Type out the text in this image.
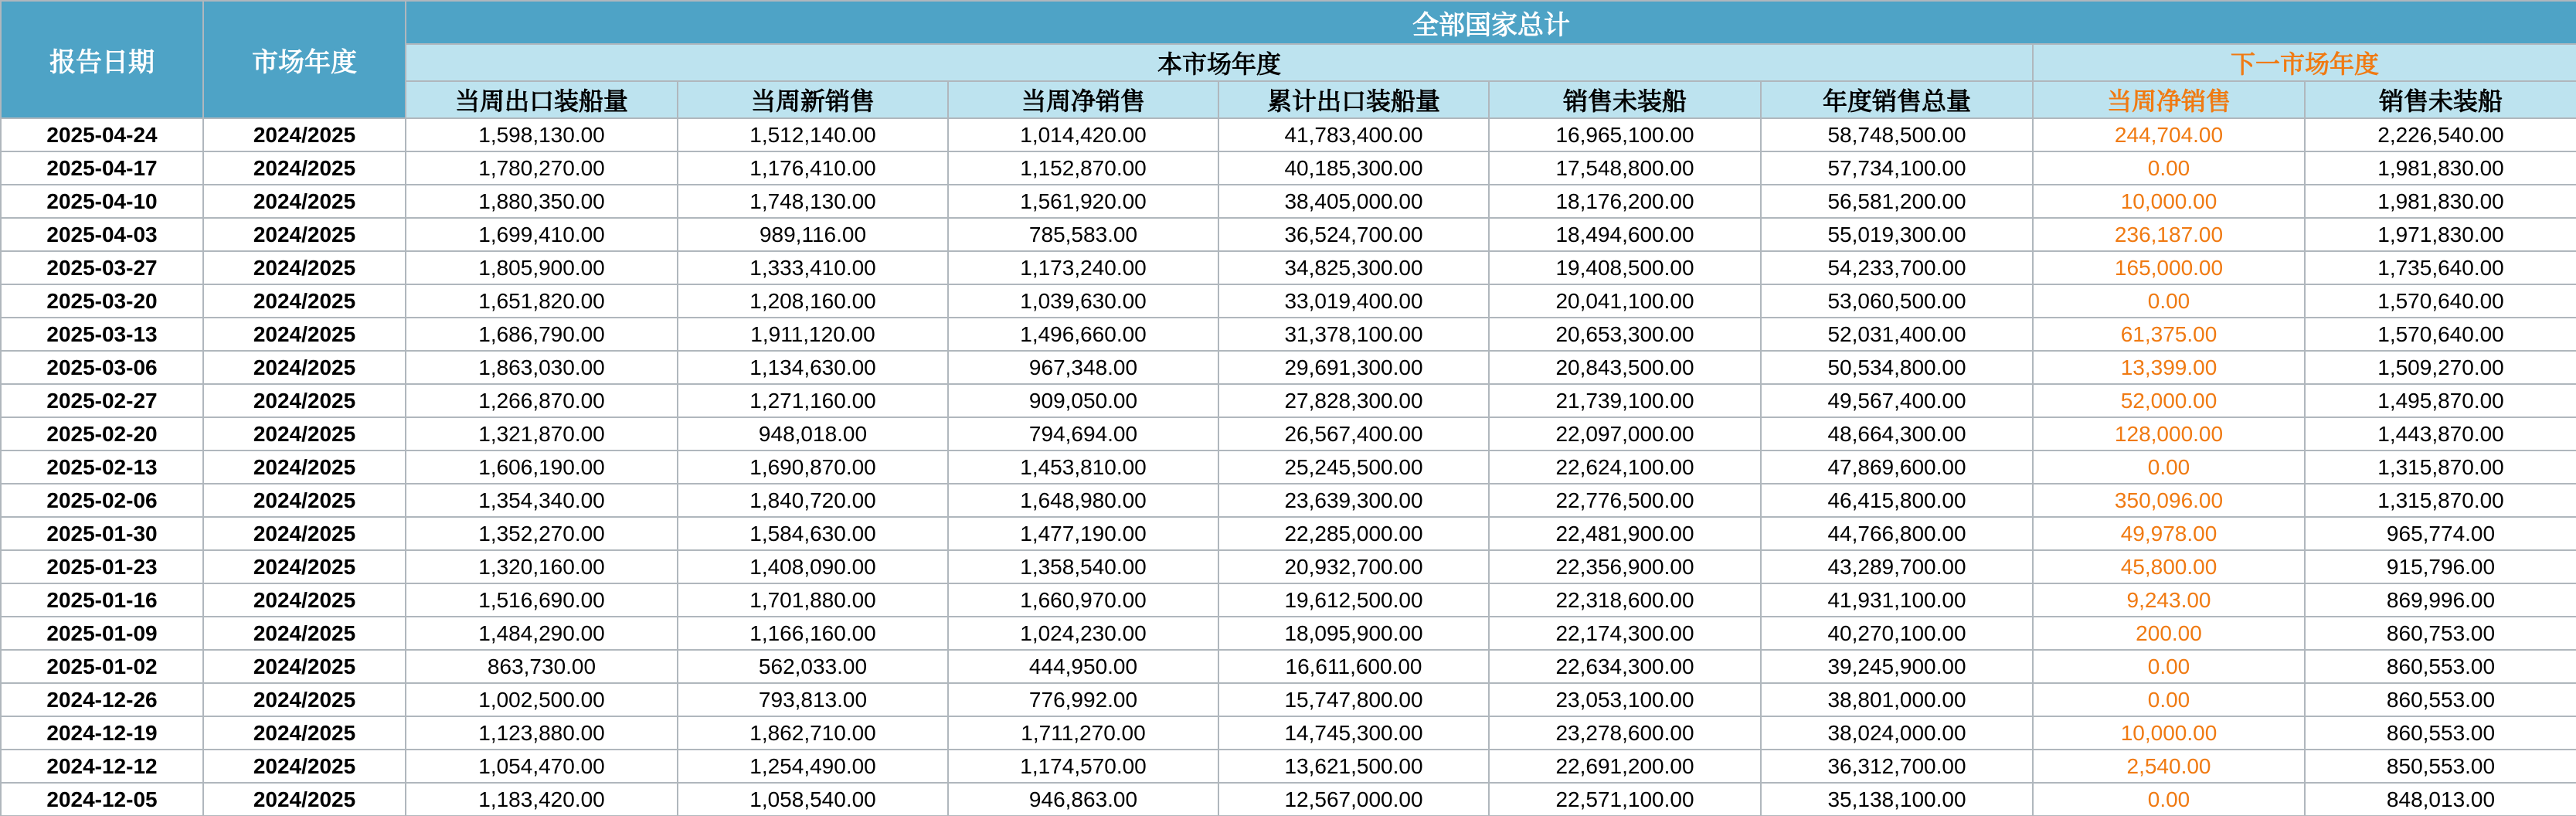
报告日期	市场年度	全部国家总计							
		本市场年度						下一市场年度	
		当周出口装船量	当周新销售	当周净销售	累计出口装船量	销售未装船	年度销售总量	当周净销售	销售未装船
2025-04-24	2024/2025	1,598,130.00	1,512,140.00	1,014,420.00	41,783,400.00	16,965,100.00	58,748,500.00	244,704.00	2,226,540.00
2025-04-17	2024/2025	1,780,270.00	1,176,410.00	1,152,870.00	40,185,300.00	17,548,800.00	57,734,100.00	0.00	1,981,830.00
2025-04-10	2024/2025	1,880,350.00	1,748,130.00	1,561,920.00	38,405,000.00	18,176,200.00	56,581,200.00	10,000.00	1,981,830.00
2025-04-03	2024/2025	1,699,410.00	989,116.00	785,583.00	36,524,700.00	18,494,600.00	55,019,300.00	236,187.00	1,971,830.00
2025-03-27	2024/2025	1,805,900.00	1,333,410.00	1,173,240.00	34,825,300.00	19,408,500.00	54,233,700.00	165,000.00	1,735,640.00
2025-03-20	2024/2025	1,651,820.00	1,208,160.00	1,039,630.00	33,019,400.00	20,041,100.00	53,060,500.00	0.00	1,570,640.00
2025-03-13	2024/2025	1,686,790.00	1,911,120.00	1,496,660.00	31,378,100.00	20,653,300.00	52,031,400.00	61,375.00	1,570,640.00
2025-03-06	2024/2025	1,863,030.00	1,134,630.00	967,348.00	29,691,300.00	20,843,500.00	50,534,800.00	13,399.00	1,509,270.00
2025-02-27	2024/2025	1,266,870.00	1,271,160.00	909,050.00	27,828,300.00	21,739,100.00	49,567,400.00	52,000.00	1,495,870.00
2025-02-20	2024/2025	1,321,870.00	948,018.00	794,694.00	26,567,400.00	22,097,000.00	48,664,300.00	128,000.00	1,443,870.00
2025-02-13	2024/2025	1,606,190.00	1,690,870.00	1,453,810.00	25,245,500.00	22,624,100.00	47,869,600.00	0.00	1,315,870.00
2025-02-06	2024/2025	1,354,340.00	1,840,720.00	1,648,980.00	23,639,300.00	22,776,500.00	46,415,800.00	350,096.00	1,315,870.00
2025-01-30	2024/2025	1,352,270.00	1,584,630.00	1,477,190.00	22,285,000.00	22,481,900.00	44,766,800.00	49,978.00	965,774.00
2025-01-23	2024/2025	1,320,160.00	1,408,090.00	1,358,540.00	20,932,700.00	22,356,900.00	43,289,700.00	45,800.00	915,796.00
2025-01-16	2024/2025	1,516,690.00	1,701,880.00	1,660,970.00	19,612,500.00	22,318,600.00	41,931,100.00	9,243.00	869,996.00
2025-01-09	2024/2025	1,484,290.00	1,166,160.00	1,024,230.00	18,095,900.00	22,174,300.00	40,270,100.00	200.00	860,753.00
2025-01-02	2024/2025	863,730.00	562,033.00	444,950.00	16,611,600.00	22,634,300.00	39,245,900.00	0.00	860,553.00
2024-12-26	2024/2025	1,002,500.00	793,813.00	776,992.00	15,747,800.00	23,053,100.00	38,801,000.00	0.00	860,553.00
2024-12-19	2024/2025	1,123,880.00	1,862,710.00	1,711,270.00	14,745,300.00	23,278,600.00	38,024,000.00	10,000.00	860,553.00
2024-12-12	2024/2025	1,054,470.00	1,254,490.00	1,174,570.00	13,621,500.00	22,691,200.00	36,312,700.00	2,540.00	850,553.00
2024-12-05	2024/2025	1,183,420.00	1,058,540.00	946,863.00	12,567,000.00	22,571,100.00	35,138,100.00	0.00	848,013.00
